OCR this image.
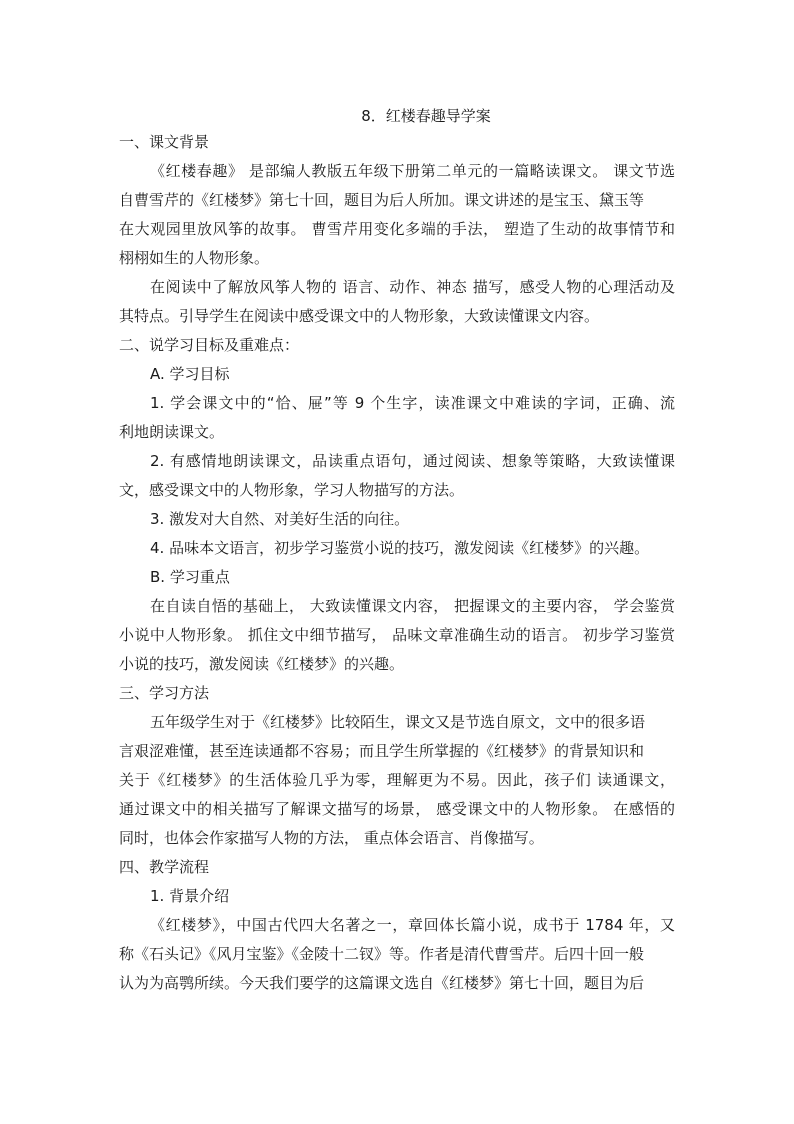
8．红楼春趣导学案
一、课文背景
《红楼春趣》 是部编人教版五年级下册第二单元的一篇略读课文。 课文节选
自曹雪芹的《红楼梦》第七十回，题目为后人所加。课文讲述的是宝玉、黛玉等
在大观园里放风筝的故事。 曹雪芹用变化多端的手法， 塑造了生动的故事情节和
栩栩如生的人物形象。
在阅读中了解放风筝人物的 语言、动作、神态 描写，感受人物的心理活动及
其特点。引导学生在阅读中感受课文中的人物形象，大致读懂课文内容。
二、说学习目标及重难点：
A. 学习目标
1. 学会课文中的“恰、屉”等 9 个生字，读准课文中难读的字词，正确、流
利地朗读课文。
2. 有感情地朗读课文，品读重点语句，通过阅读、想象等策略，大致读懂课
文，感受课文中的人物形象，学习人物描写的方法。
3. 激发对大自然、对美好生活的向往。
4. 品味本文语言，初步学习鉴赏小说的技巧，激发阅读《红楼梦》的兴趣。
B. 学习重点
在自读自悟的基础上， 大致读懂课文内容， 把握课文的主要内容， 学会鉴赏
小说中人物形象。 抓住文中细节描写， 品味文章准确生动的语言。 初步学习鉴赏
小说的技巧，激发阅读《红楼梦》的兴趣。
三、学习方法
五年级学生对于《红楼梦》比较陌生，课文又是节选自原文，文中的很多语
言艰涩难懂，甚至连读通都不容易；而且学生所掌握的《红楼梦》的背景知识和
关于《红楼梦》的生活体验几乎为零，理解更为不易。因此，孩子们 读通课文，
通过课文中的相关描写了解课文描写的场景， 感受课文中的人物形象。 在感悟的
同时，也体会作家描写人物的方法， 重点体会语言、肖像描写。
四、教学流程
1. 背景介绍
《红楼梦》，中国古代四大名著之一，章回体长篇小说，成书于 1784 年，又
称《石头记》《风月宝鉴》《金陵十二钗》等。作者是清代曹雪芹。后四十回一般
认为为高鹗所续。今天我们要学的这篇课文选自《红楼梦》第七十回，题目为后
